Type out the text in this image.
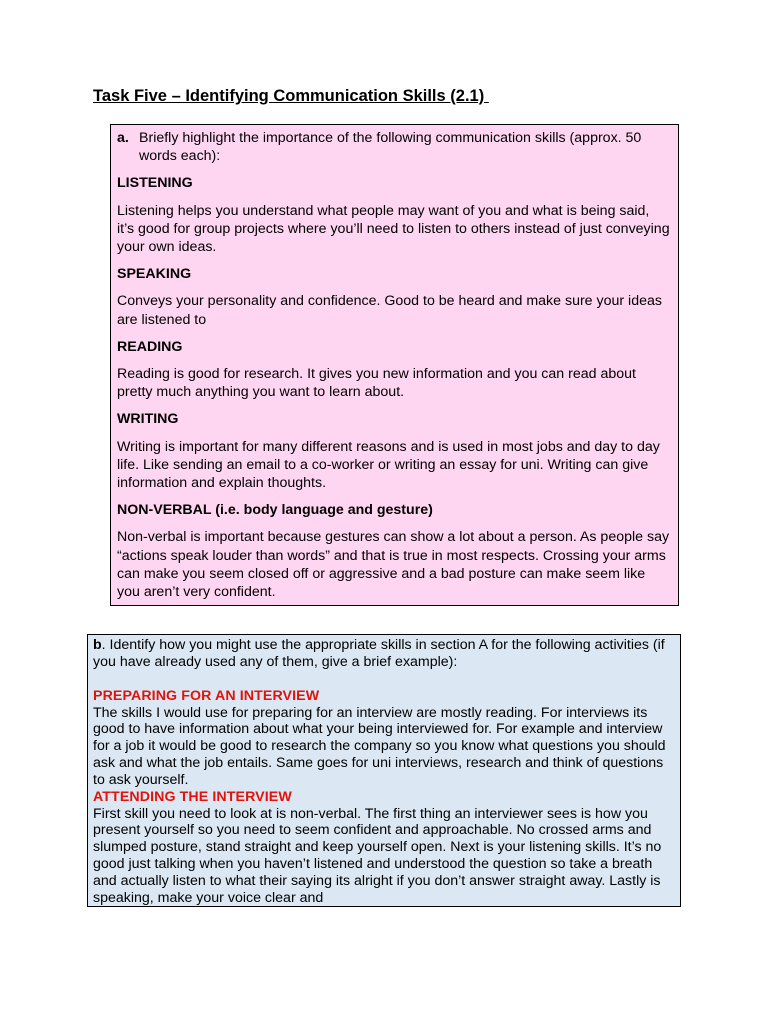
Task Five – Identifying Communication Skills (2.1)
a. Briefly highlight the importance of the following communication skills (approx. 50 words each):
LISTENING

Listening helps you understand what people may want of you and what is being said, it’s good for group projects where you’ll need to listen to others instead of just conveying your own ideas.

SPEAKING

Conveys your personality and confidence. Good to be heard and make sure your ideas are listened to

READING

Reading is good for research. It gives you new information and you can read about pretty much anything you want to learn about.

WRITING

Writing is important for many different reasons and is used in most jobs and day to day life. Like sending an email to a co-worker or writing an essay for uni. Writing can give information and explain thoughts.

NON-VERBAL (i.e. body language and gesture)

Non-verbal is important because gestures can show a lot about a person. As people say “actions speak louder than words” and that is true in most respects. Crossing your arms can make you seem closed off or aggressive and a bad posture can make seem like you aren’t very confident.

b. Identify how you might use the appropriate skills in section A for the following activities (if you have already used any of them, give a brief example):
PREPARING FOR AN INTERVIEW

The skills I would use for preparing for an interview are mostly reading. For interviews its good to have information about what your being interviewed for. For example and interview for a job it would be good to research the company so you know what questions you should ask and what the job entails. Same goes for uni interviews, research and think of questions to ask yourself.

ATTENDING THE INTERVIEW

First skill you need to look at is non-verbal. The first thing an interviewer sees is how you present yourself so you need to seem confident and approachable. No crossed arms and slumped posture, stand straight and keep yourself open. Next is your listening skills. It’s no good just talking when you haven’t listened and understood the question so take a breath and actually listen to what their saying its alright if you don’t answer straight away. Lastly is speaking, make your voice clear and
